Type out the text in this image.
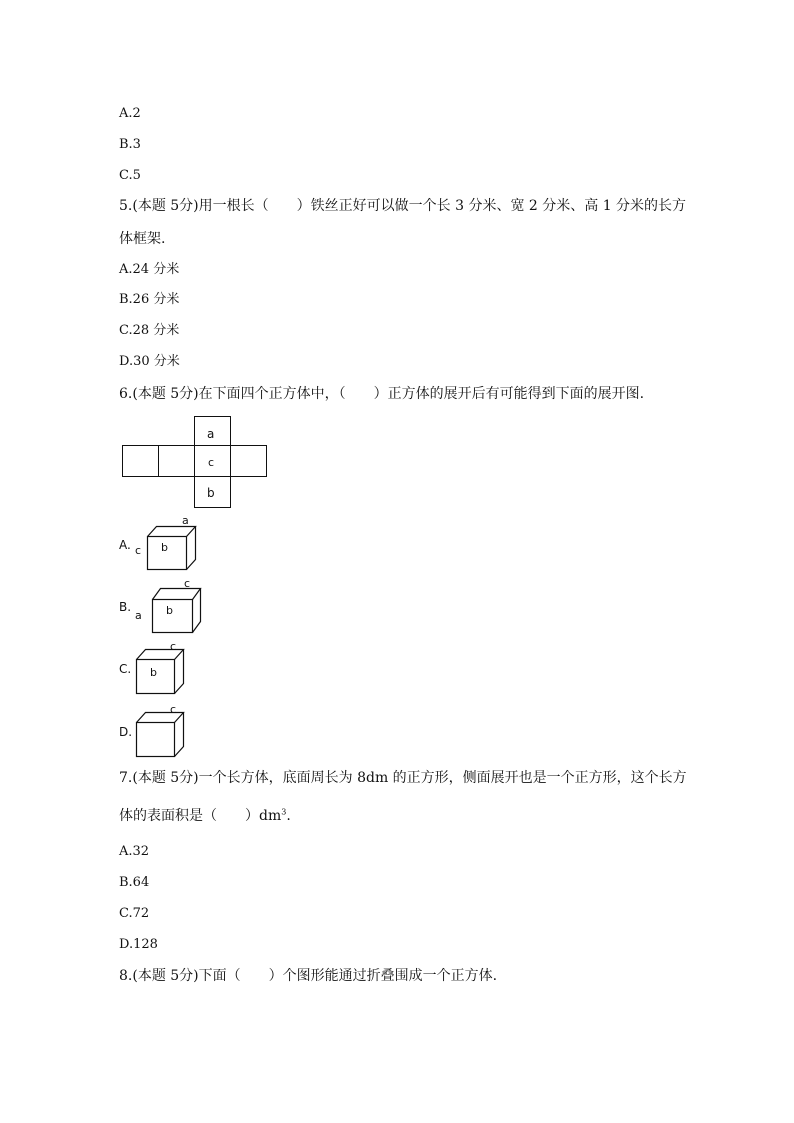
A.2
B.3
C.5
5.(本题 5分)用一根长（　　）铁丝正好可以做一个长 3 分米、宽 2 分米、高 1 分米的长方
体框架.
A.24 分米
B.26 分米
C.28 分米
D.30 分米
6.(本题 5分)在下面四个正方体中，（　　）正方体的展开后有可能得到下面的展开图.
a
c
b
A. c b
a
B.
a b
c
C. b
c
D.
c
7.(本题 5分)一个长方体，底面周长为 8dm 的正方形，侧面展开也是一个正方形，这个长方
体的表面积是（　　）$dm^3$.
A.32
B.64
C.72
D.128
8.(本题 5分)下面（　　）个图形能通过折叠围成一个正方体.
